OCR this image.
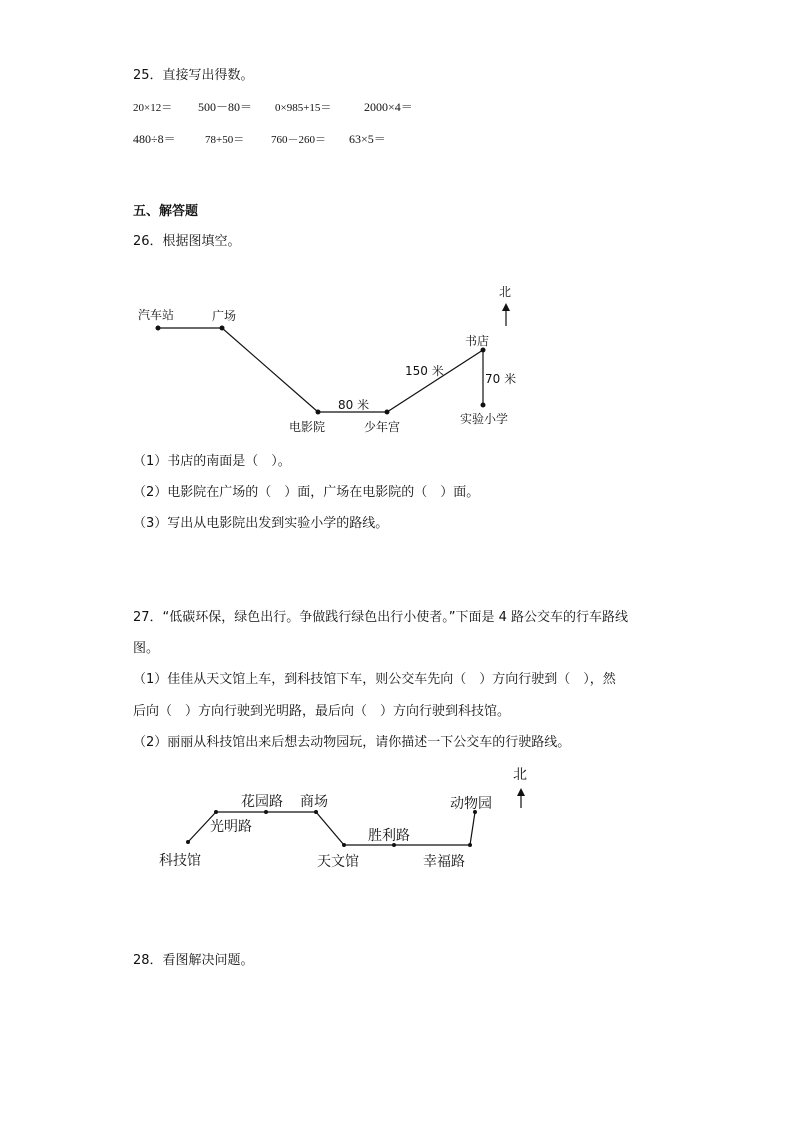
25．直接写出得数。
20×12＝ 500－80＝ 0×985+15＝	2000×4＝
480÷8＝	78+50＝ 760－260＝ 63×5＝
五、解答题
26．根据图填空。
北
汽车站	广场
书店
150 米
70 米
80 米
电影院	少年宫
实验小学
（1）书店的南面是（　）。
（2）电影院在广场的（　）面，广场在电影院的（　）面。
（3）写出从电影院出发到实验小学的路线。
27．“低碳环保，绿色出行。争做践行绿色出行小使者。”下面是 4 路公交车的行车路线
图。
（1）佳佳从天文馆上车，到科技馆下车，则公交车先向（　）方向行驶到（　），然
后向（　）方向行驶到光明路，最后向（　）方向行驶到科技馆。
（2）丽丽从科技馆出来后想去动物园玩，请你描述一下公交车的行驶路线。
北
花园路 商场
光明路
动物园
胜利路
科技馆	天文馆	幸福路
28．看图解决问题。
